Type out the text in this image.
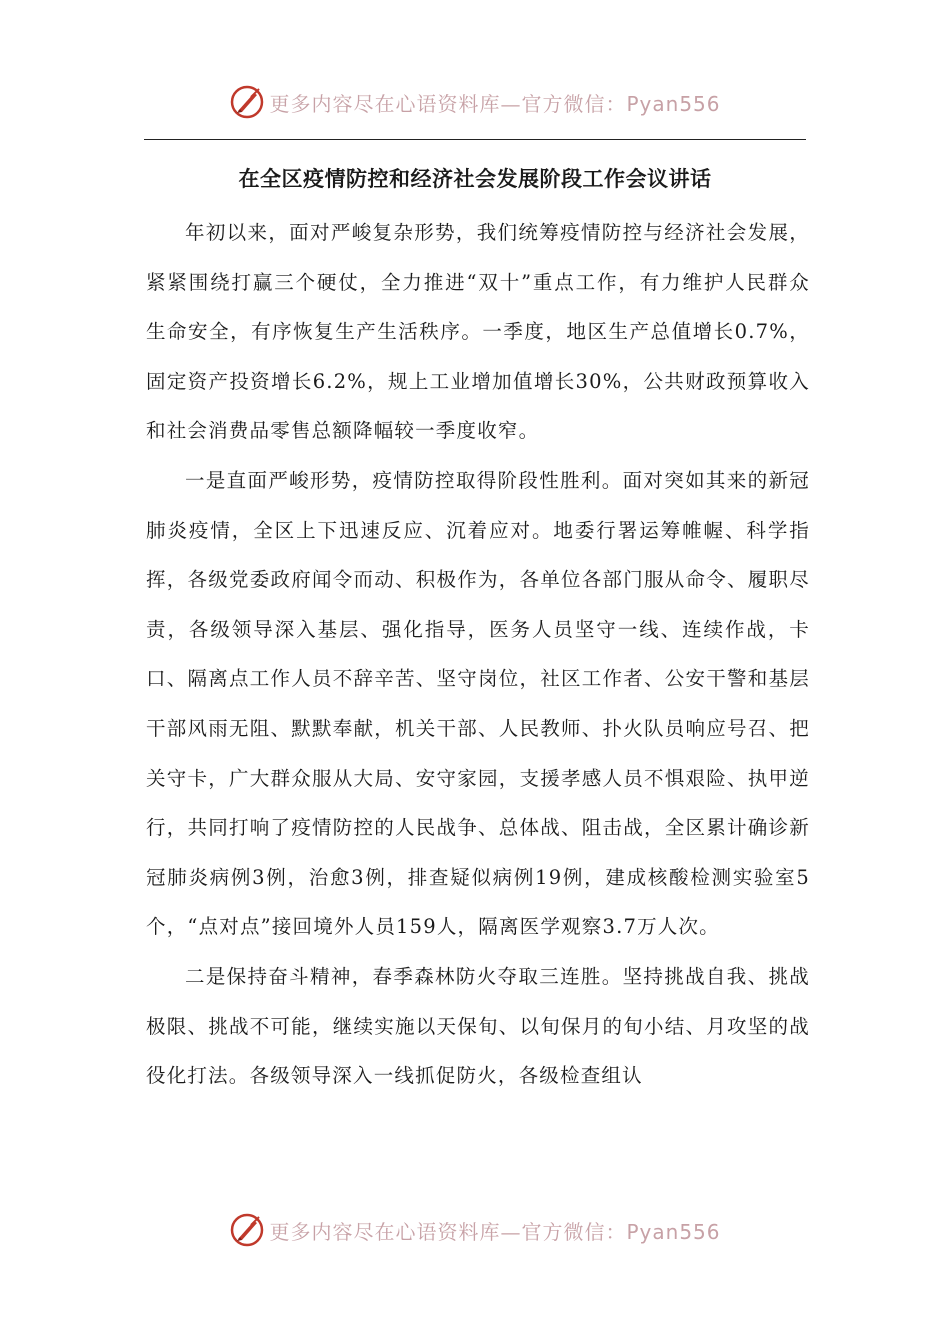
更多内容尽在心语资料库—官方微信：Pyan556
在全区疫情防控和经济社会发展阶段工作会议讲话

年初以来，面对严峻复杂形势，我们统筹疫情防控与经济社会发展，紧紧围绕打赢三个硬仗，全力推进“双十”重点工作，有力维护人民群众生命安全，有序恢复生产生活秩序。一季度，地区生产总值增长0.7%，固定资产投资增长6.2%，规上工业增加值增长30%，公共财政预算收入和社会消费品零售总额降幅较一季度收窄。

一是直面严峻形势，疫情防控取得阶段性胜利。面对突如其来的新冠肺炎疫情，全区上下迅速反应、沉着应对。地委行署运筹帷幄、科学指挥，各级党委政府闻令而动、积极作为，各单位各部门服从命令、履职尽责，各级领导深入基层、强化指导，医务人员坚守一线、连续作战，卡口、隔离点工作人员不辞辛苦、坚守岗位，社区工作者、公安干警和基层干部风雨无阻、默默奉献，机关干部、人民教师、扑火队员响应号召、把关守卡，广大群众服从大局、安守家园，支援孝感人员不惧艰险、执甲逆行，共同打响了疫情防控的人民战争、总体战、阻击战，全区累计确诊新冠肺炎病例3例，治愈3例，排查疑似病例19例，建成核酸检测实验室5个，“点对点”接回境外人员159人，隔离医学观察3.7万人次。

二是保持奋斗精神，春季森林防火夺取三连胜。坚持挑战自我、挑战极限、挑战不可能，继续实施以天保旬、以旬保月的旬小结、月攻坚的战役化打法。各级领导深入一线抓促防火，各级检查组认

更多内容尽在心语资料库—官方微信：Pyan556
